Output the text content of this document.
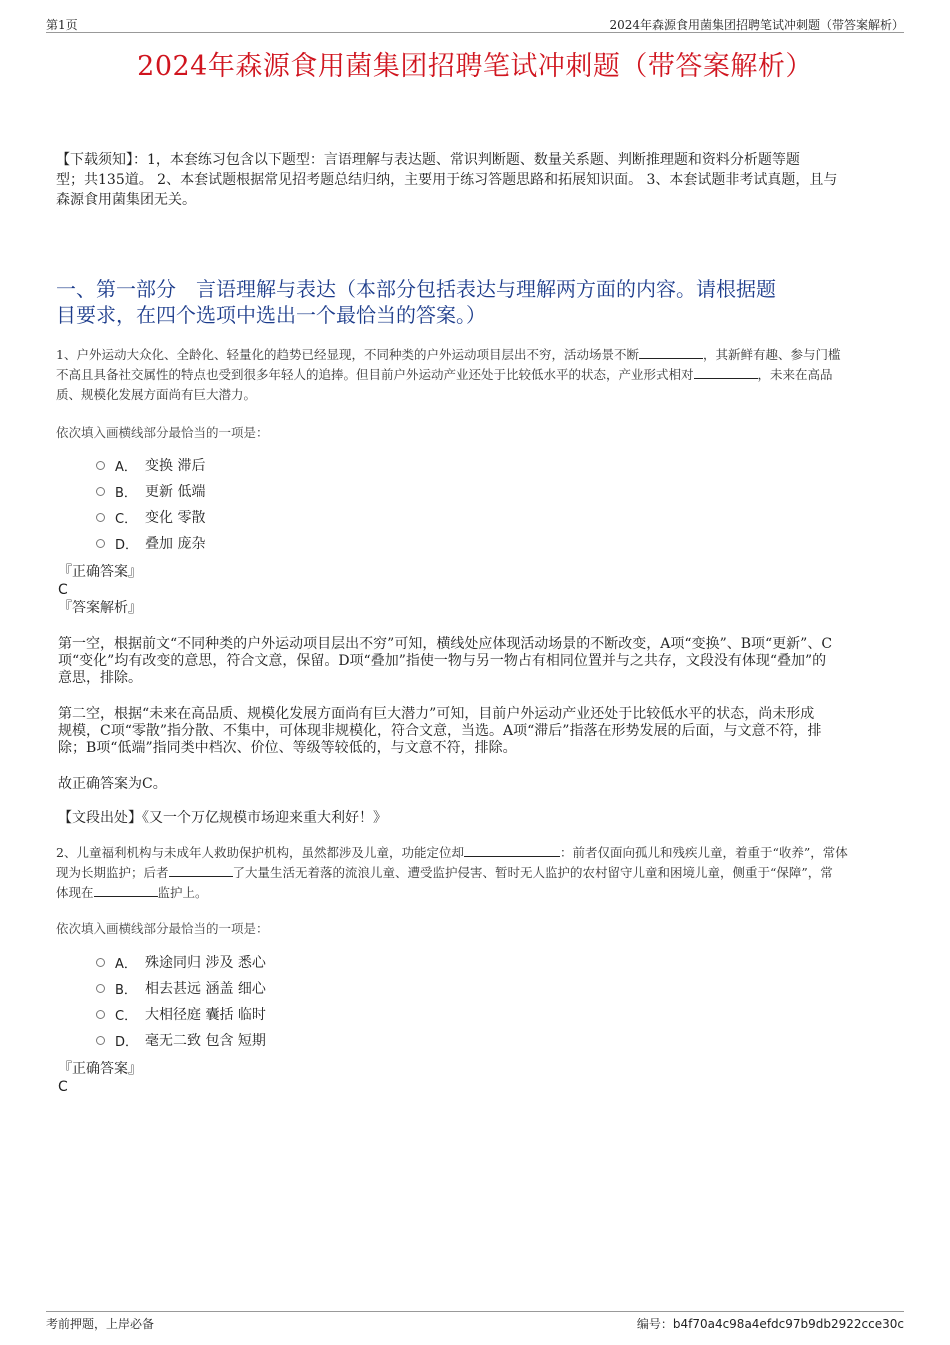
第1页	2024年森源食用菌集团招聘笔试冲刺题（带答案解析）
2024年森源食用菌集团招聘笔试冲刺题（带答案解析）
【下载须知】：1，本套练习包含以下题型：言语理解与表达题、常识判断题、数量关系题、判断推理题和资料分析题等题
型；共135道。 2、本套试题根据常见招考题总结归纳，主要用于练习答题思路和拓展知识面。 3、本套试题非考试真题，且与
森源食用菌集团无关。
一、第一部分　言语理解与表达（本部分包括表达与理解两方面的内容。请根据题
目要求，在四个选项中选出一个最恰当的答案。）
1、户外运动大众化、全龄化、轻量化的趋势已经显现，不同种类的户外运动项目层出不穷，活动场景不断	，其新鲜有趣、参与门槛
不高且具备社交属性的特点也受到很多年轻人的追捧。但目前户外运动产业还处于比较低水平的状态，产业形式相对	，未来在高品
质、规模化发展方面尚有巨大潜力。
依次填入画横线部分最恰当的一项是：
A． 变换 滞后
B． 更新 低端
C． 变化 零散
D． 叠加 庞杂
『正确答案』
C
『答案解析』
第一空，根据前文“不同种类的户外运动项目层出不穷”可知，横线处应体现活动场景的不断改变，A项“变换”、B项“更新”、C
项“变化”均有改变的意思，符合文意，保留。D项“叠加”指使一物与另一物占有相同位置并与之共存，文段没有体现“叠加”的
意思，排除。
第二空，根据“未来在高品质、规模化发展方面尚有巨大潜力”可知，目前户外运动产业还处于比较低水平的状态，尚未形成
规模，C项“零散”指分散、不集中，可体现非规模化，符合文意，当选。A项“滞后”指落在形势发展的后面，与文意不符，排
除；B项“低端”指同类中档次、价位、等级等较低的，与文意不符，排除。
故正确答案为C。
【文段出处】《又一个万亿规模市场迎来重大利好！》
2、儿童福利机构与未成年人救助保护机构，虽然都涉及儿童，功能定位却	：前者仅面向孤儿和残疾儿童，着重于“收养”，常体
现为长期监护；后者	了大量生活无着落的流浪儿童、遭受监护侵害、暂时无人监护的农村留守儿童和困境儿童，侧重于“保障”，常
体现在	监护上。
依次填入画横线部分最恰当的一项是：
A． 殊途同归 涉及 悉心
B． 相去甚远 涵盖 细心
C． 大相径庭 囊括 临时
D． 毫无二致 包含 短期
『正确答案』
C
考前押题，上岸必备	编号：b4f70a4c98a4efdc97b9db2922cce30c
